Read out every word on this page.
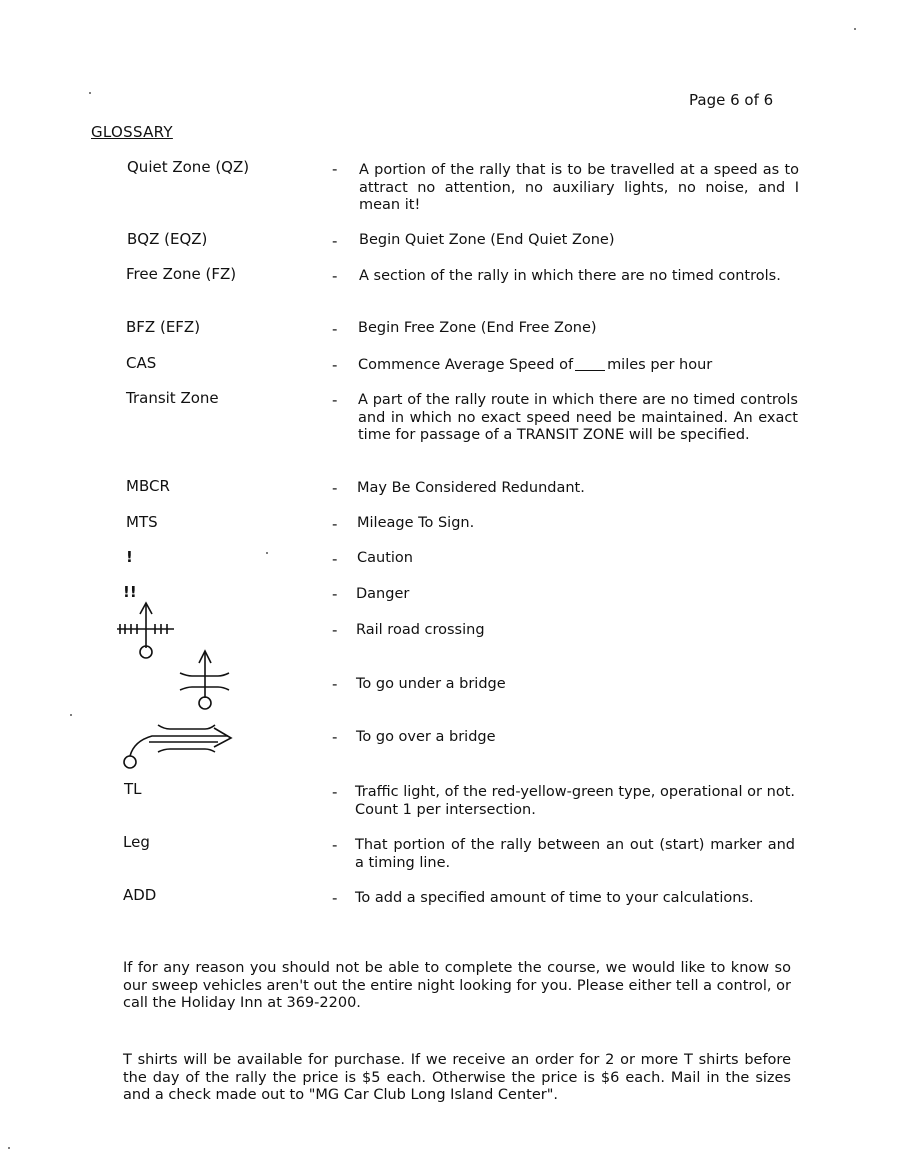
Page 6 of 6
GLOSSARY
Quiet Zone (QZ)	- A portion of the rally that is to be travelled at a speed as to attract no attention, no auxiliary lights, no noise, and I mean it!
BQZ (EQZ)	- Begin Quiet Zone (End Quiet Zone)
Free Zone (FZ)	- A section of the rally in which there are no timed controls.
BFZ (EFZ)	- Begin Free Zone (End Free Zone)
CAS	- Commence Average Speed of miles per hour
Transit Zone	- A part of the rally route in which there are no timed controls and in which no exact speed need be maintained. An exact time for passage of a TRANSIT ZONE will be specified.
MBCR	- May Be Considered Redundant.
MTS	- Mileage To Sign.
!	- Caution
!!	- Danger
- Rail road crossing
- To go under a bridge
- To go over a bridge
TL	- Traffic light, of the red-yellow-green type, operational or not. Count 1 per intersection.
Leg	- That portion of the rally between an out (start) marker and a timing line.
ADD	- To add a specified amount of time to your calculations.
If for any reason you should not be able to complete the course, we would like to know so our sweep vehicles aren't out the entire night looking for you. Please either tell a control, or call the Holiday Inn at 369-2200.
T shirts will be available for purchase. If we receive an order for 2 or more T shirts before the day of the rally the price is $5 each. Otherwise the price is $6 each. Mail in the sizes and a check made out to "MG Car Club Long Island Center".
